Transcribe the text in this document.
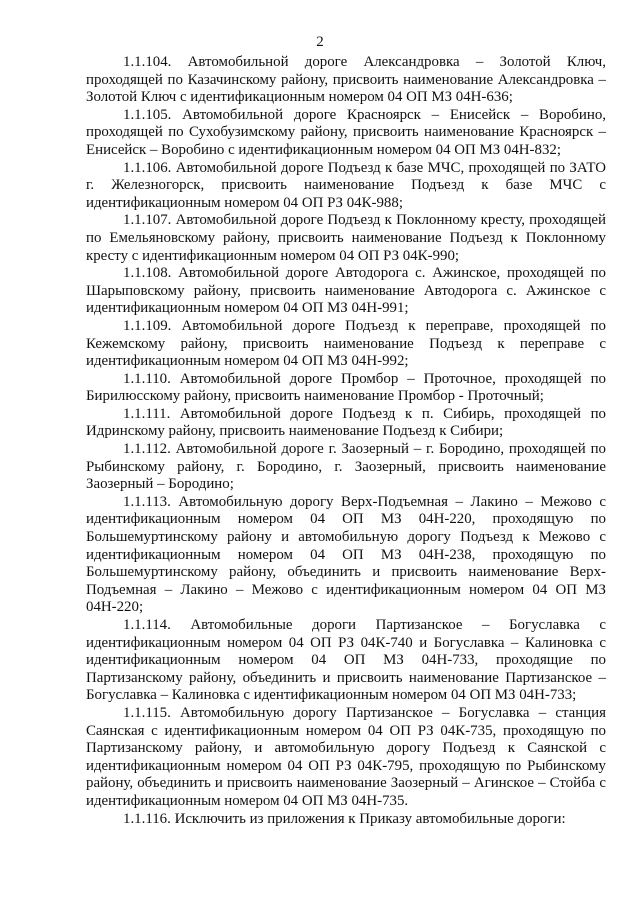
2

1.1.104. Автомобильной дороге Александровка – Золотой Ключ, проходящей по Казачинскому району, присвоить наименование Александровка – Золотой Ключ с идентификационным номером 04 ОП МЗ 04Н-636;

1.1.105. Автомобильной дороге Красноярск – Енисейск – Воробино, проходящей по Сухобузимскому району, присвоить наименование Красноярск – Енисейск – Воробино с идентификационным номером 04 ОП МЗ 04Н-832;

1.1.106. Автомобильной дороге Подъезд к базе МЧС, проходящей по ЗАТО г. Железногорск, присвоить наименование Подъезд к базе МЧС с идентификационным номером 04 ОП РЗ 04К-988;

1.1.107. Автомобильной дороге Подъезд к Поклонному кресту, проходящей по Емельяновскому району, присвоить наименование Подъезд к Поклонному кресту с идентификационным номером 04 ОП РЗ 04К-990;

1.1.108. Автомобильной дороге Автодорога с. Ажинское, проходящей по Шарыповскому району, присвоить наименование Автодорога с. Ажинское с идентификационным номером 04 ОП МЗ 04Н-991;

1.1.109. Автомобильной дороге Подъезд к переправе, проходящей по Кежемскому району, присвоить наименование Подъезд к переправе с идентификационным номером 04 ОП МЗ 04Н-992;

1.1.110. Автомобильной дороге Промбор – Проточное, проходящей по Бирилюсскому району, присвоить наименование Промбор - Проточный;

1.1.111. Автомобильной дороге Подъезд к п. Сибирь, проходящей по Идринскому району, присвоить наименование Подъезд к Сибири;

1.1.112. Автомобильной дороге г. Заозерный – г. Бородино, проходящей по Рыбинскому району, г. Бородино, г. Заозерный, присвоить наименование Заозерный – Бородино;

1.1.113. Автомобильную дорогу Верх-Подъемная – Лакино – Межово с идентификационным номером 04 ОП МЗ 04Н-220, проходящую по Большемуртинскому району и автомобильную дорогу Подъезд к Межово с идентификационным номером 04 ОП МЗ 04Н-238, проходящую по Большемуртинскому району, объединить и присвоить наименование Верх-Подъемная – Лакино – Межово с идентификационным номером 04 ОП МЗ 04Н-220;

1.1.114. Автомобильные дороги Партизанское – Богуславка с идентификационным номером 04 ОП РЗ 04К-740 и Богуславка – Калиновка с идентификационным номером 04 ОП МЗ 04Н-733, проходящие по Партизанскому району, объединить и присвоить наименование Партизанское – Богуславка – Калиновка с идентификационным номером 04 ОП МЗ 04Н-733;

1.1.115. Автомобильную дорогу Партизанское – Богуславка – станция Саянская с идентификационным номером 04 ОП РЗ 04К-735, проходящую по Партизанскому району, и автомобильную дорогу Подъезд к Саянской с идентификационным номером 04 ОП РЗ 04К-795, проходящую по Рыбинскому району, объединить и присвоить наименование Заозерный – Агинское – Стойба с идентификационным номером 04 ОП МЗ 04Н-735.

1.1.116. Исключить из приложения к Приказу автомобильные дороги:
